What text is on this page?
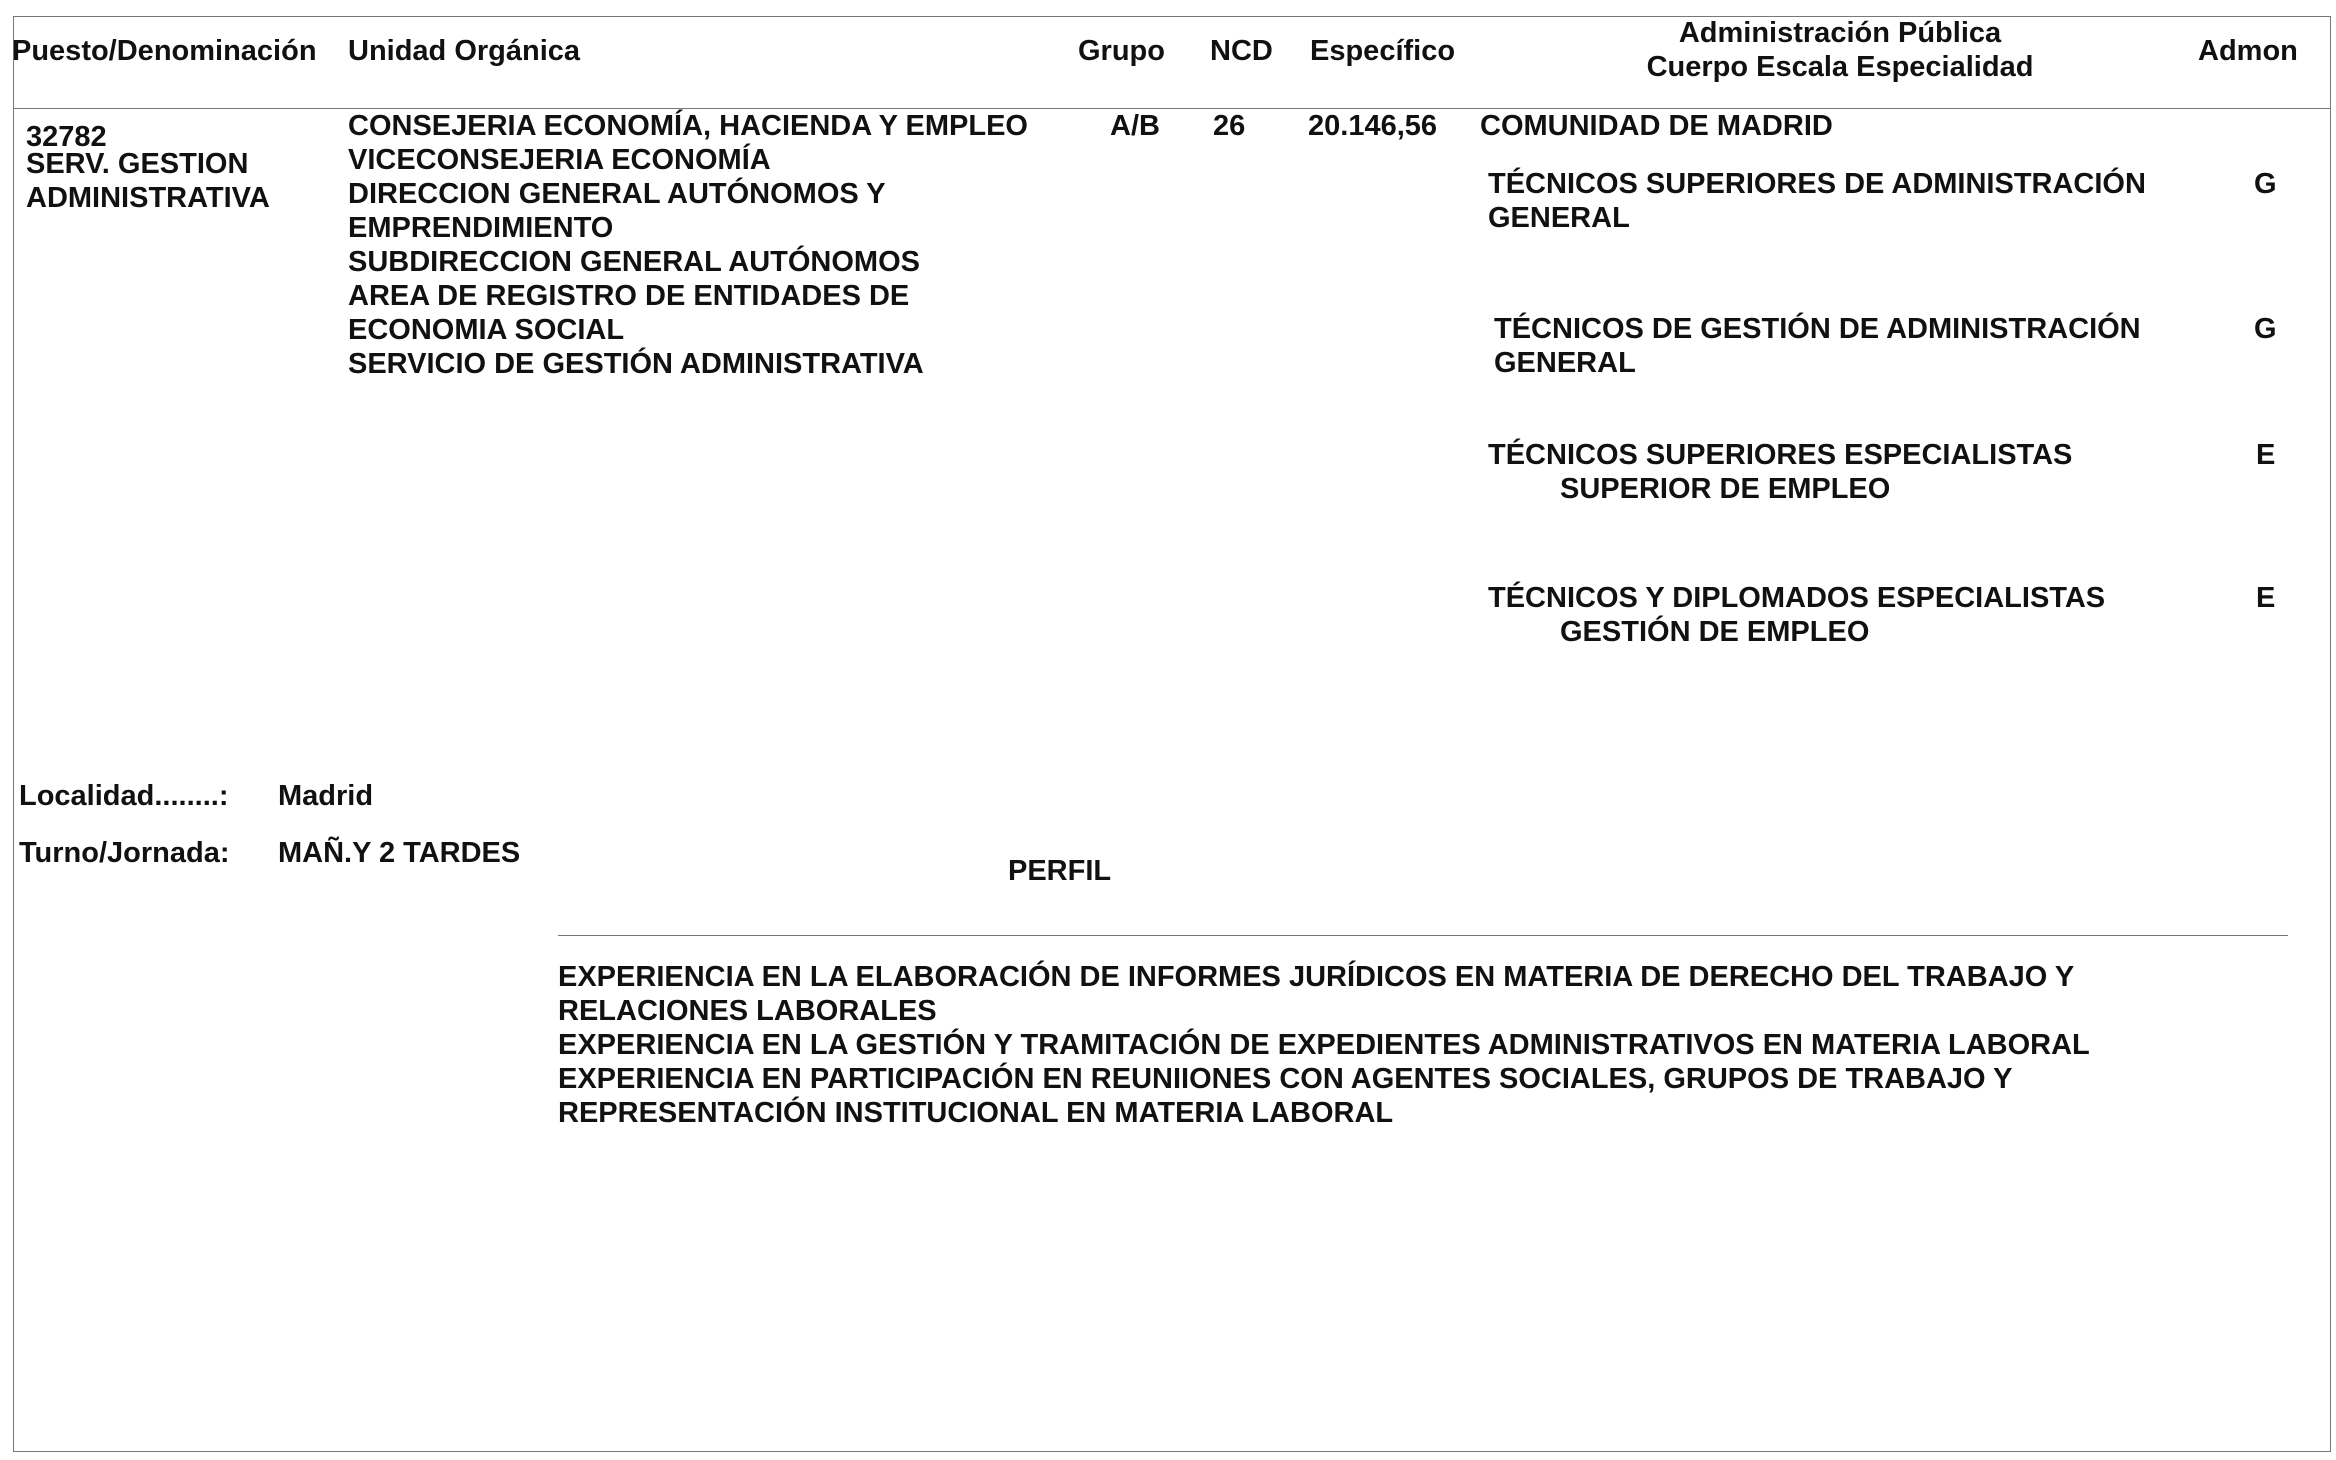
Puesto/Denominación Unidad Orgánica	Grupo NCD Específico

Administración Pública

Cuerpo Escala Especialidad	Admon

32782

SERV. GESTION

ADMINISTRATIVA

CONSEJERIA ECONOMÍA, HACIENDA Y EMPLEO

VICECONSEJERIA ECONOMÍA

DIRECCION GENERAL AUTÓNOMOS Y

EMPRENDIMIENTO

SUBDIRECCION GENERAL AUTÓNOMOS

AREA DE REGISTRO DE ENTIDADES DE

ECONOMIA SOCIAL

SERVICIO DE GESTIÓN ADMINISTRATIVA

A/B 26 20.146,56 COMUNIDAD DE MADRID

TÉCNICOS SUPERIORES DE ADMINISTRACIÓN

GENERAL

G

TÉCNICOS DE GESTIÓN DE ADMINISTRACIÓN

GENERAL

G

TÉCNICOS SUPERIORES ESPECIALISTAS

SUPERIOR DE EMPLEO

E

TÉCNICOS Y DIPLOMADOS ESPECIALISTAS

GESTIÓN DE EMPLEO

E

Localidad........: Madrid

Turno/Jornada: MAÑ.Y 2 TARDES

PERFIL

EXPERIENCIA EN LA ELABORACIÓN DE INFORMES JURÍDICOS EN MATERIA DE DERECHO DEL TRABAJO Y

RELACIONES LABORALES

EXPERIENCIA EN LA GESTIÓN Y TRAMITACIÓN DE EXPEDIENTES ADMINISTRATIVOS EN MATERIA LABORAL

EXPERIENCIA EN PARTICIPACIÓN EN REUNIIONES CON AGENTES SOCIALES, GRUPOS DE TRABAJO Y

REPRESENTACIÓN INSTITUCIONAL EN MATERIA LABORAL
